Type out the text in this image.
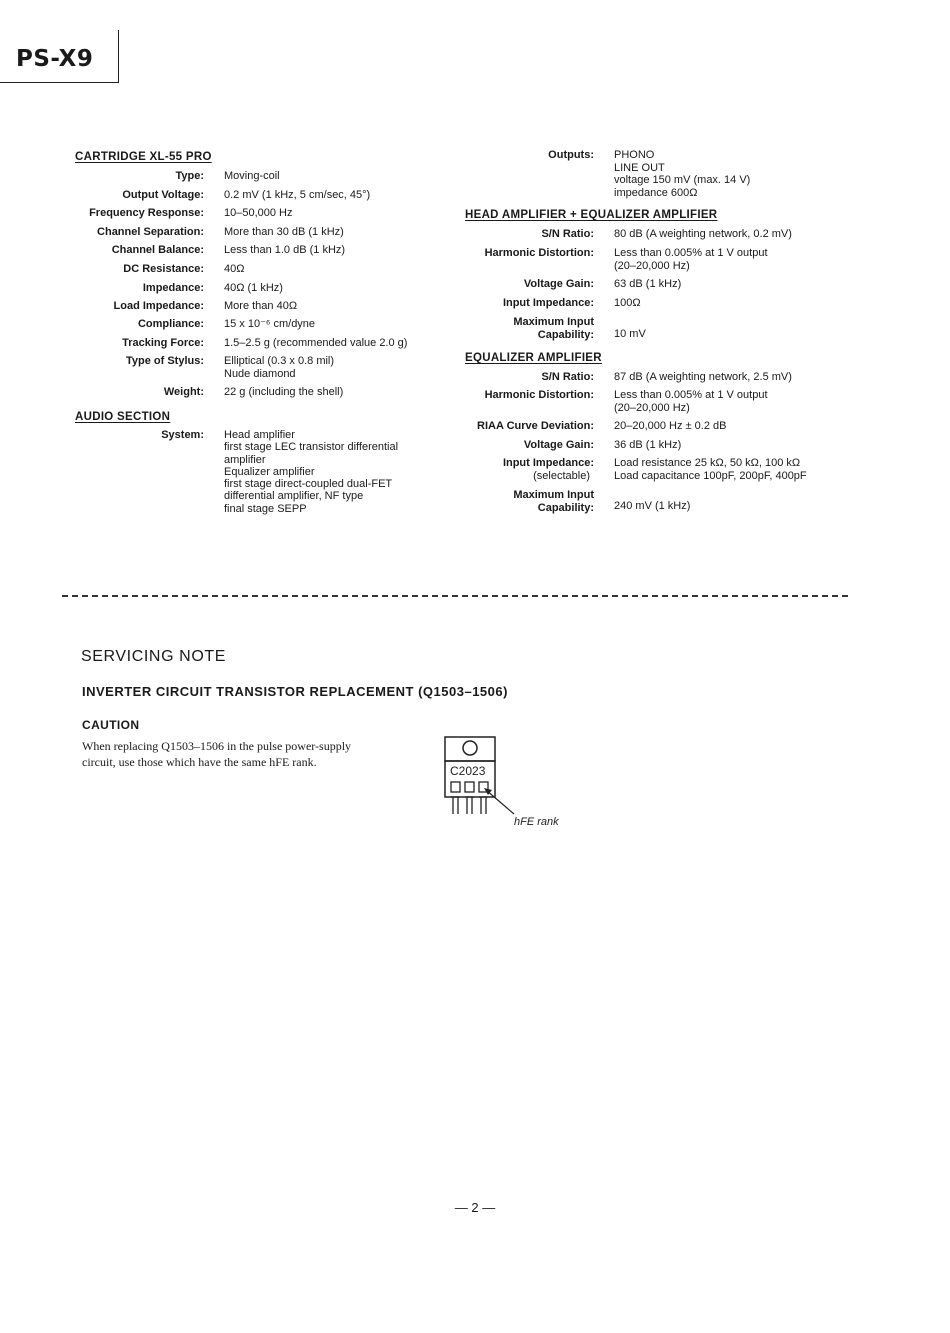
PS-X9
CARTRIDGE XL-55 PRO
Type: Moving-coil
Output Voltage: 0.2 mV (1 kHz, 5 cm/sec, 45°)
Frequency Response: 10–50,000 Hz
Channel Separation: More than 30 dB (1 kHz)
Channel Balance: Less than 1.0 dB (1 kHz)
DC Resistance: 40Ω
Impedance: 40Ω (1 kHz)
Load Impedance: More than 40Ω
Compliance: 15 x 10⁻⁶ cm/dyne
Tracking Force: 1.5–2.5 g (recommended value 2.0 g)
Type of Stylus: Elliptical (0.3 x 0.8 mil)
Nude diamond
Weight: 22 g (including the shell)
AUDIO SECTION
System: Head amplifier
first stage LEC transistor differential
amplifier
Equalizer amplifier
first stage direct-coupled dual-FET
differential amplifier, NF type
final stage SEPP
Outputs: PHONO
LINE OUT
voltage 150 mV (max. 14 V)
impedance 600Ω
HEAD AMPLIFIER + EQUALIZER AMPLIFIER
S/N Ratio: 80 dB (A weighting network, 0.2 mV)
Harmonic Distortion: Less than 0.005% at 1 V output
(20–20,000 Hz)
Voltage Gain: 63 dB (1 kHz)
Input Impedance: 100Ω
Maximum Input
Capability: 10 mV
EQUALIZER AMPLIFIER
S/N Ratio: 87 dB (A weighting network, 2.5 mV)
Harmonic Distortion: Less than 0.005% at 1 V output
(20–20,000 Hz)
RIAA Curve Deviation: 20–20,000 Hz ± 0.2 dB
Voltage Gain: 36 dB (1 kHz)
Input Impedance:
(selectable)
Load resistance 25 kΩ, 50 kΩ, 100 kΩ
Load capacitance 100pF, 200pF, 400pF
Maximum Input
Capability: 240 mV (1 kHz)
SERVICING NOTE
INVERTER CIRCUIT TRANSISTOR REPLACEMENT (Q1503–1506)
CAUTION
When replacing Q1503–1506 in the pulse power-supply circuit, use those which have the same hFE rank.
C2023
hFE rank
— 2 —
